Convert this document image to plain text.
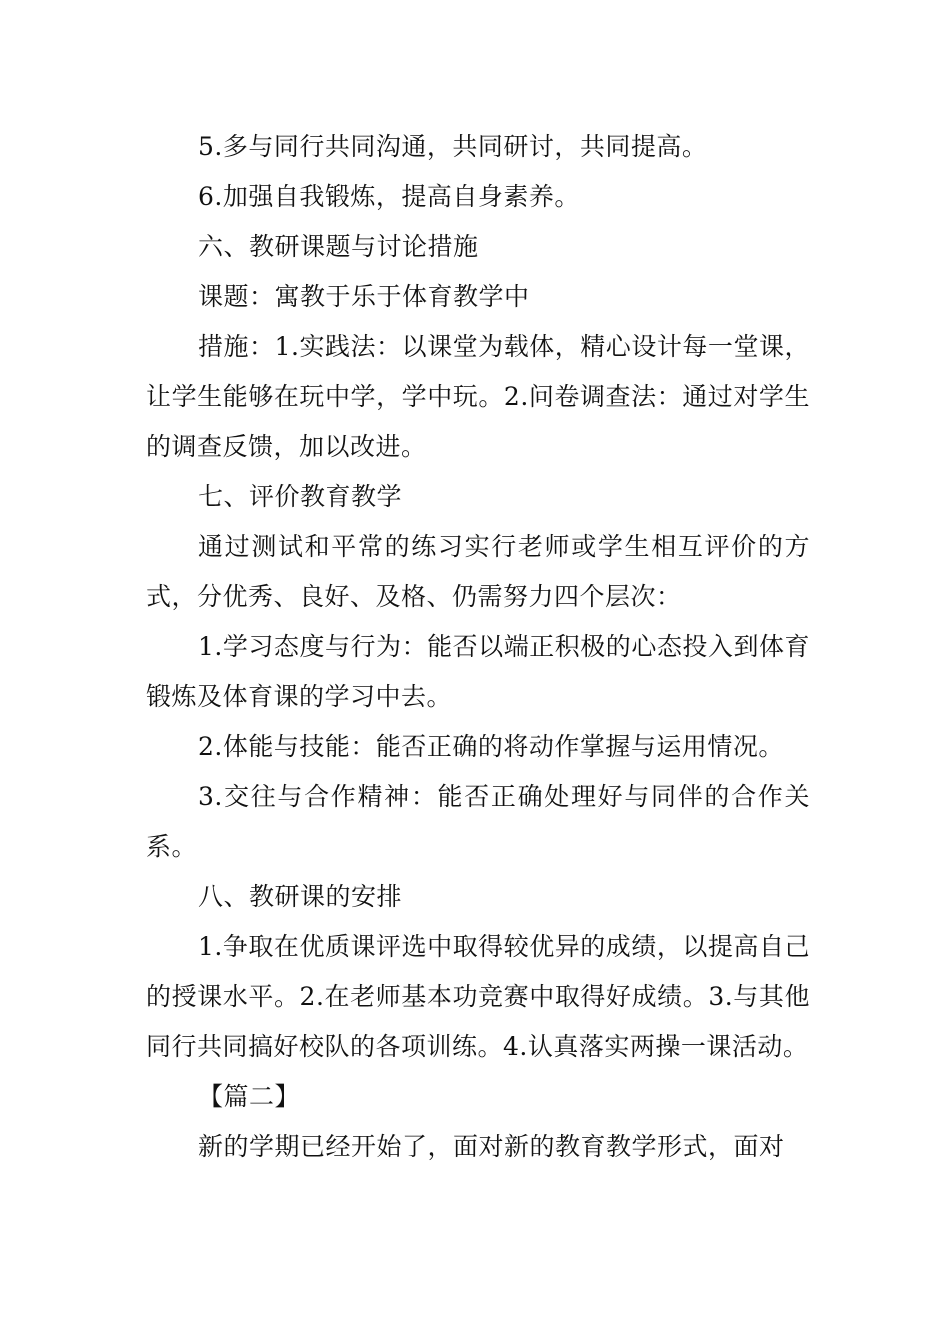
5.多与同行共同沟通，共同研讨，共同提高。

6.加强自我锻炼，提高自身素养。

六、教研课题与讨论措施

课题：寓教于乐于体育教学中

措施：1.实践法：以课堂为载体，精心设计每一堂课，让学生能够在玩中学，学中玩。2.问卷调查法：通过对学生的调查反馈，加以改进。

七、评价教育教学

通过测试和平常的练习实行老师或学生相互评价的方式，分优秀、良好、及格、仍需努力四个层次：

1.学习态度与行为：能否以端正积极的心态投入到体育锻炼及体育课的学习中去。

2.体能与技能：能否正确的将动作掌握与运用情况。

3.交往与合作精神：能否正确处理好与同伴的合作关系。

八、教研课的安排

1.争取在优质课评选中取得较优异的成绩，以提高自己的授课水平。2.在老师基本功竞赛中取得好成绩。3.与其他同行共同搞好校队的各项训练。4.认真落实两操一课活动。

【篇二】

新的学期已经开始了，面对新的教育教学形式，面对
